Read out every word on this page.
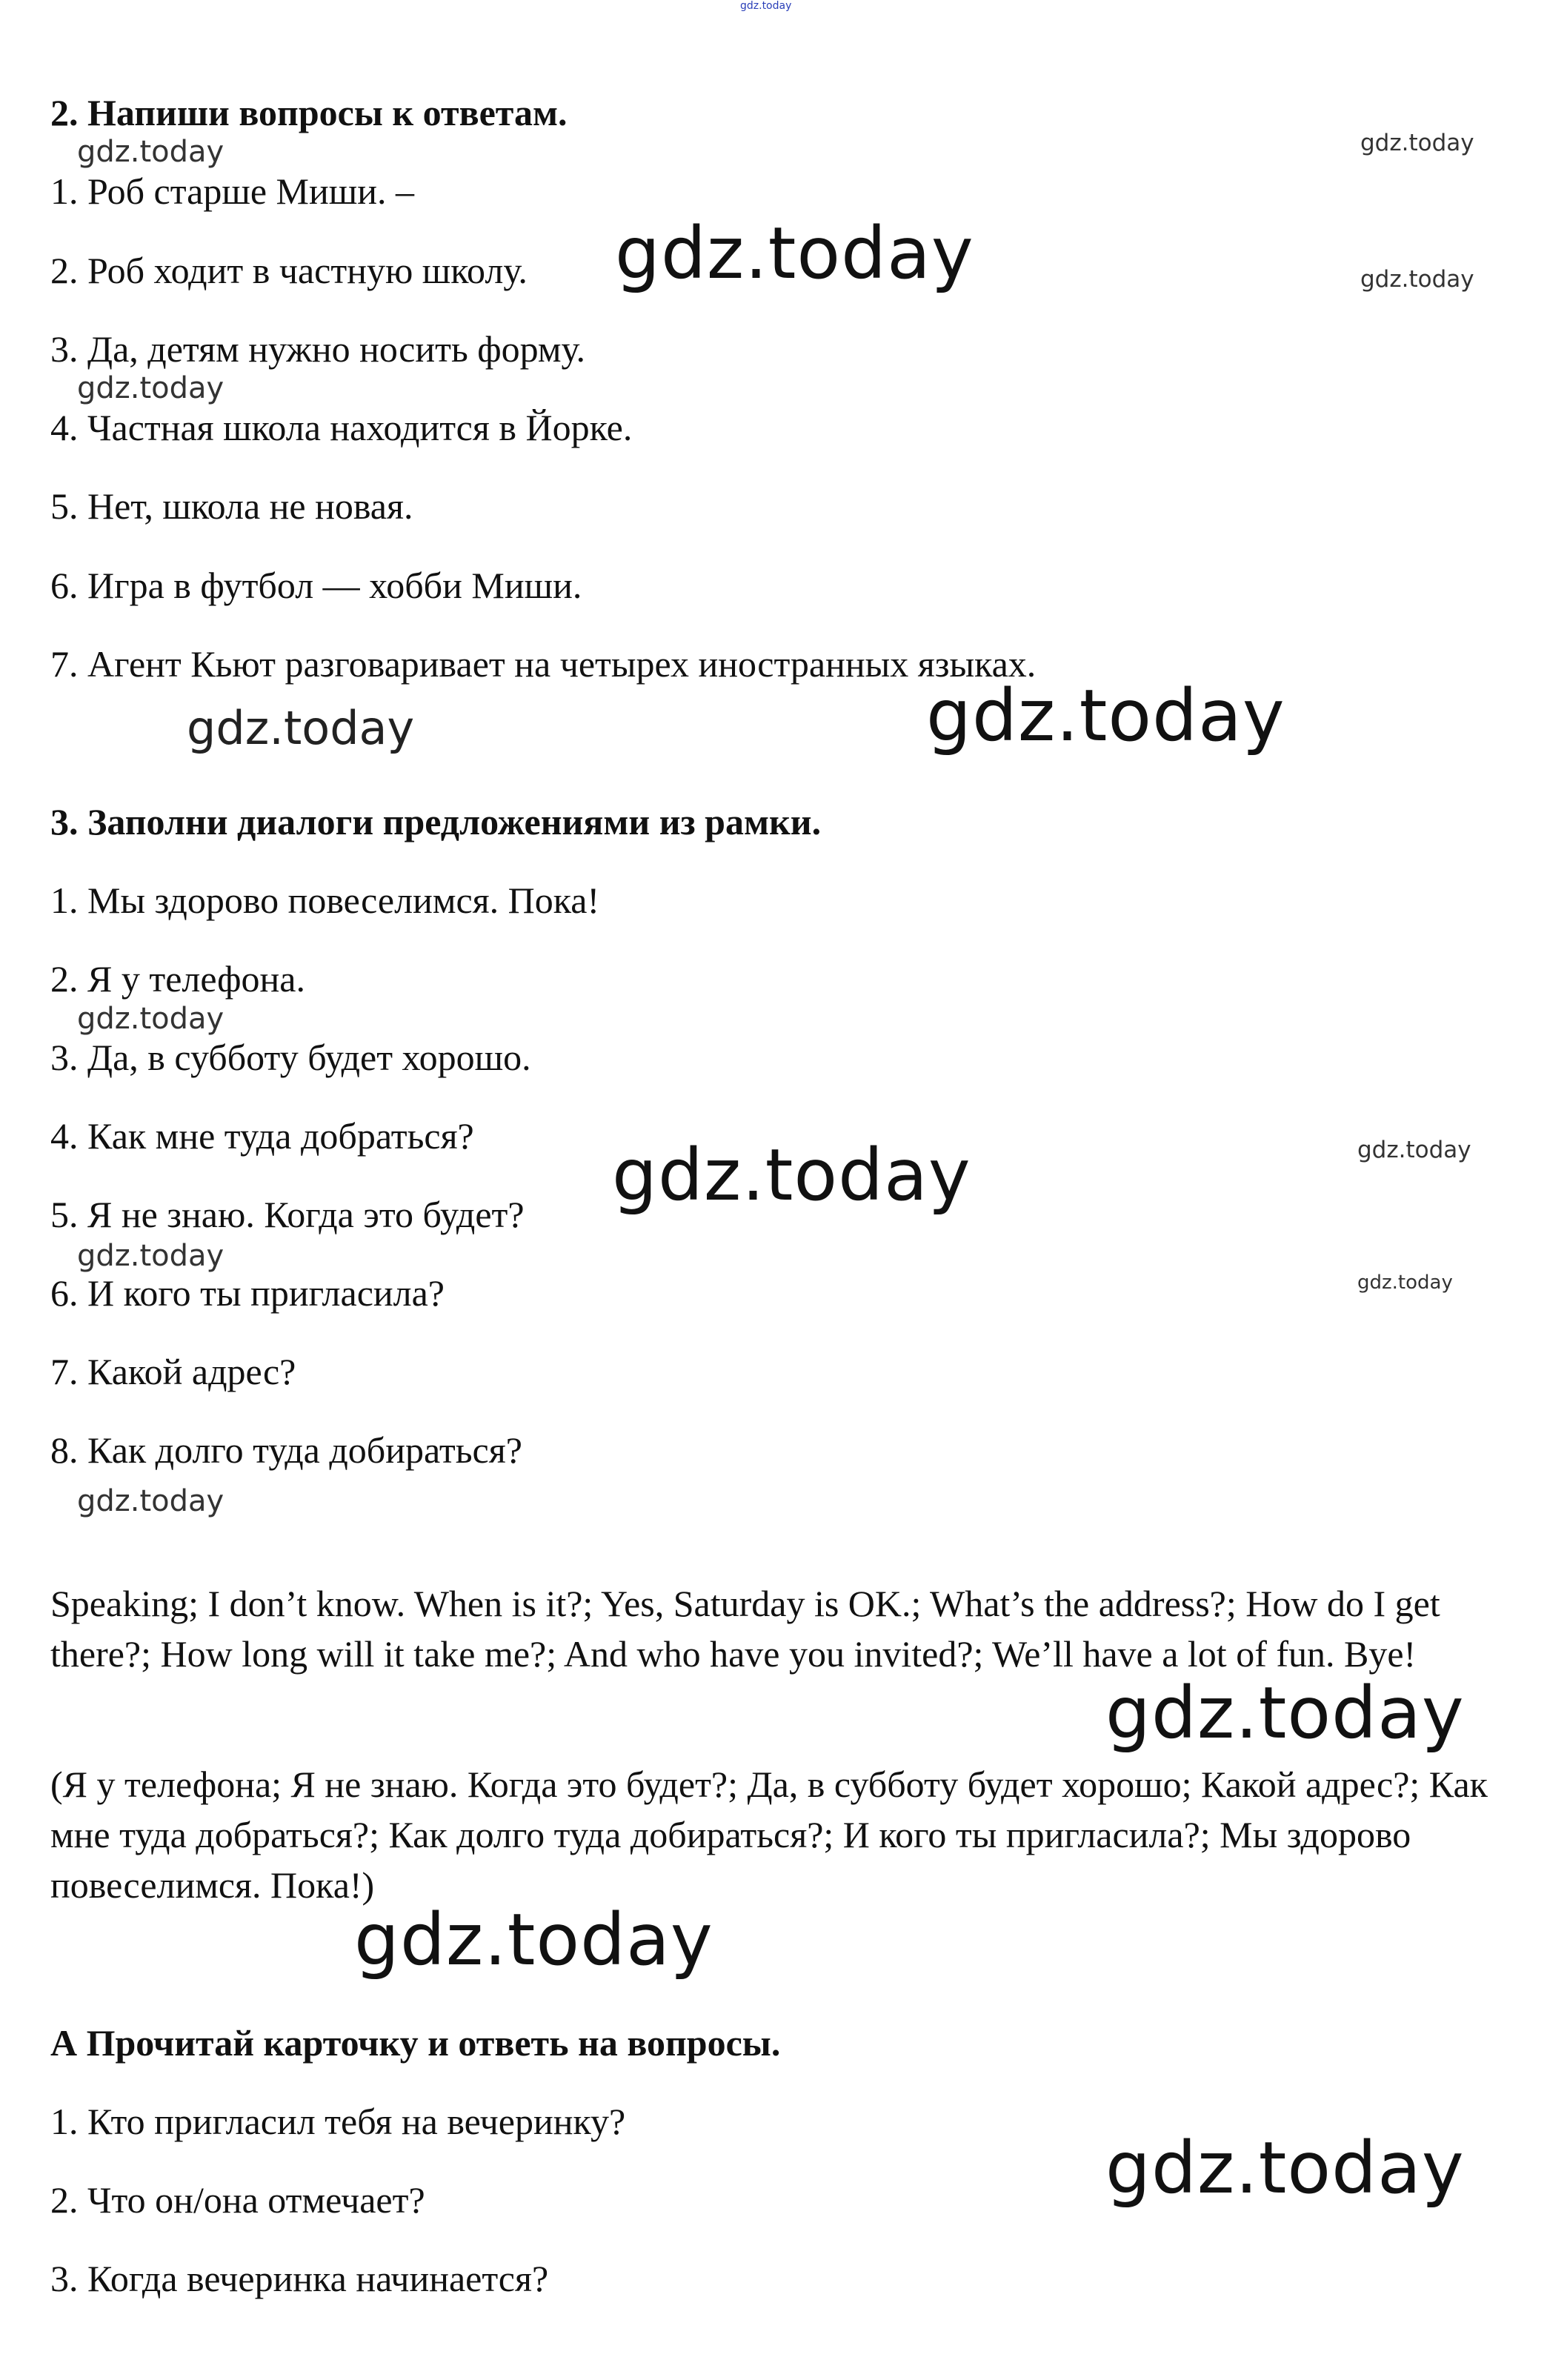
gdz.today
2. Напиши вопросы к ответам.
1. Роб старше Миши. –
2. Роб ходит в частную школу.
3. Да, детям нужно носить форму.
4. Частная школа находится в Йорке.
5. Нет, школа не новая.
6. Игра в футбол — хобби Миши.
7. Агент Кьют разговаривает на четырех иностранных языках.
3. Заполни диалоги предложениями из рамки.
1. Мы здорово повеселимся. Пока!
2. Я у телефона.
3. Да, в субботу будет хорошо.
4. Как мне туда добраться?
5. Я не знаю. Когда это будет?
6. И кого ты пригласила?
7. Какой адрес?
8. Как долго туда добираться?
Speaking; I don’t know. When is it?; Yes, Saturday is OK.; What’s the address?; How do I get there?; How long will it take me?; And who have you invited?; We’ll have a lot of fun. Bye!
(Я у телефона; Я не знаю. Когда это будет?; Да, в субботу будет хорошо; Какой адрес?; Как мне туда добраться?; Как долго туда добираться?; И кого ты пригласила?; Мы здорово повеселимся. Пока!)
А Прочитай карточку и ответь на вопросы.
1. Кто пригласил тебя на вечеринку?
2. Что он/она отмечает?
3. Когда вечеринка начинается?
gdz.today	gdz.today
gdz.today	gdz.today
gdz.today
gdz.today	gdz.today
gdz.today
gdz.today
gdz.today
gdz.today
gdz.today
gdz.today
gdz.today
gdz.today
gdz.today
